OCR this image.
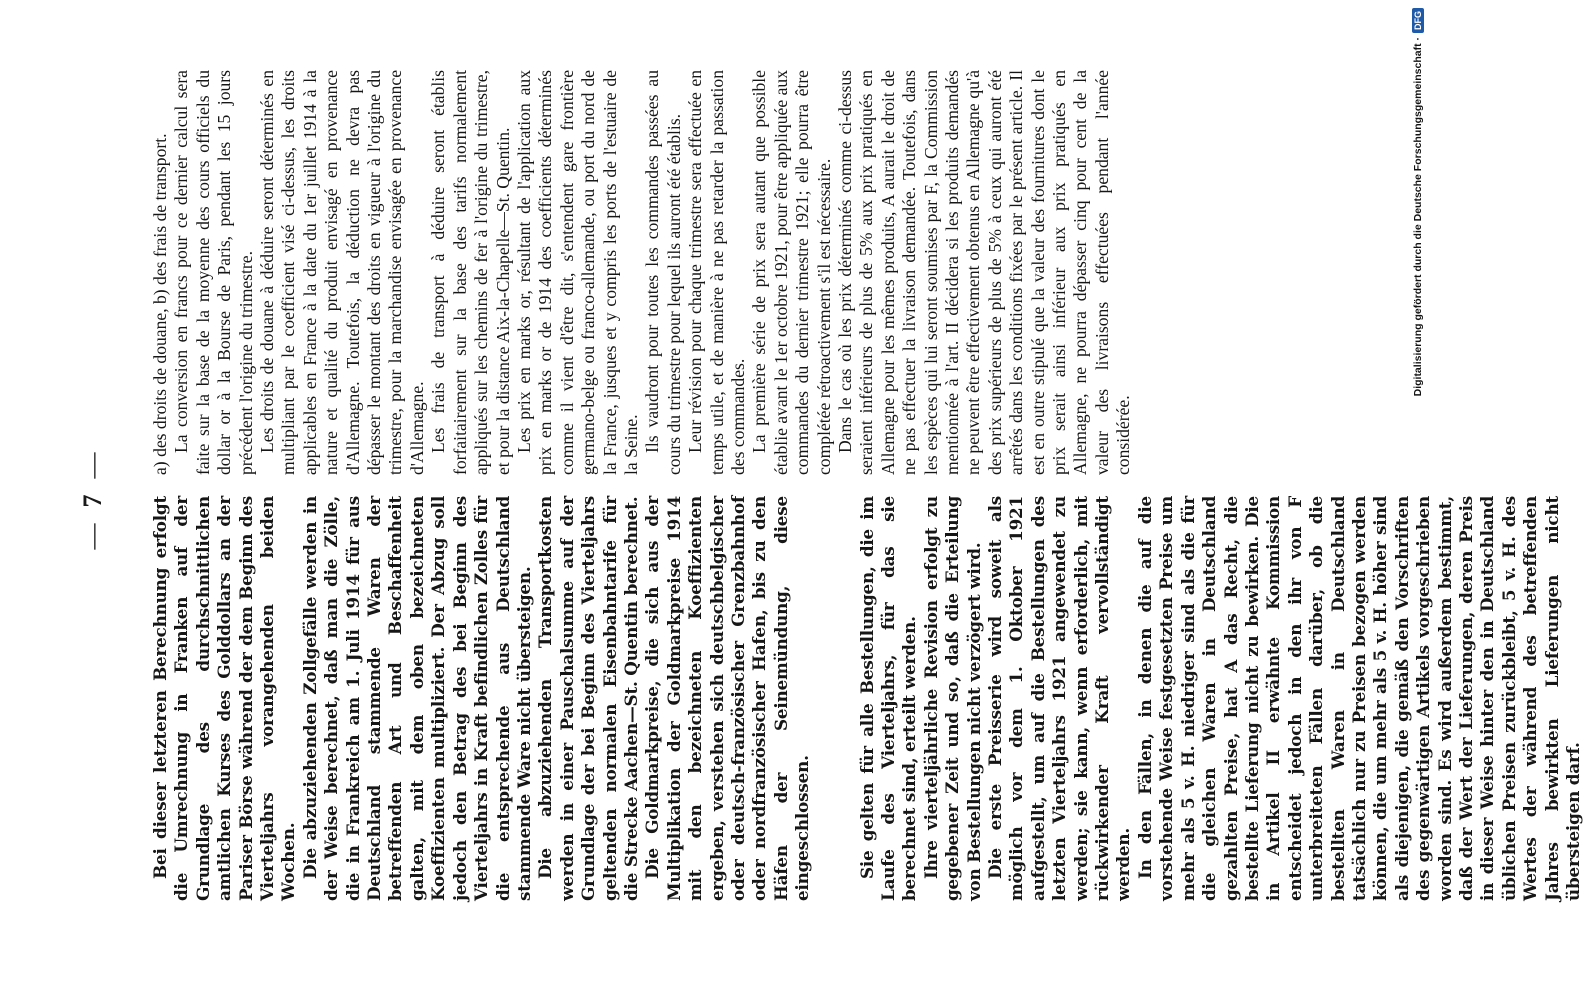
—7—

Bei dieser letzteren Berechnung erfolgt die Umrechnung in Franken auf der Grundlage des durchschnittlichen amtlichen Kurses des Golddollars an der Pariser Börse während der dem Beginn des Vierteljahrs vorangehenden beiden Wochen. Die abzuziehenden Zollgefälle werden in der Weise berechnet, daß man die Zölle, die in Frankreich am 1. Juli 1914 für aus Deutschland stammende Waren der betreffenden Art und Beschaffenheit galten, mit dem oben bezeichneten Koeffizienten multipliziert. Der Abzug soll jedoch den Betrag des bei Beginn des Vierteljahrs in Kraft befindlichen Zolles für die entsprechende aus Deutschland stammende Ware nicht übersteigen. Die abzuziehenden Transportkosten werden in einer Pauschalsumme auf der Grundlage der bei Beginn des Vierteljahrs geltenden normalen Eisenbahntarife für die Strecke Aachen—St. Quentin berechnet. Die Goldmarkpreise, die sich aus der Multiplikation der Goldmarkpreise 1914 mit den bezeichneten Koeffizienten ergeben, verstehen sich deutschbelgischer oder deutsch-französischer Grenzbahnhof oder nordfranzösischer Hafen, bis zu den Häfen der Seinemündung, diese eingeschlossen.	Sie gelten für alle Bestellungen, die im Laufe des Vierteljahrs, für das sie berechnet sind, erteilt werden. Ihre vierteljährliche Revision erfolgt zu gegebener Zeit und so, daß die Erteilung von Bestellungen nicht verzögert wird. Die erste Preisserie wird soweit als möglich vor dem 1. Oktober 1921 aufgestellt, um auf die Bestellungen des letzten Vierteljahrs 1921 angewendet zu werden; sie kann, wenn erforderlich, mit rückwirkender Kraft vervollständigt werden. In den Fällen, in denen die auf die vorstehende Weise festgesetzten Preise um mehr als 5 v. H. niedriger sind als die für die gleichen Waren in Deutschland gezahlten Preise, hat A das Recht, die bestellte Lieferung nicht zu bewirken. Die in Artikel II erwähnte Kommission entscheidet jedoch in den ihr von F unterbreiteten Fällen darüber, ob die bestellten Waren in Deutschland tatsächlich nur zu Preisen bezogen werden können, die um mehr als 5 v. H. höher sind als diejenigen, die gemäß den Vorschriften des gegenwärtigen Artikels vorgeschrieben worden sind. Es wird außerdem bestimmt, daß der Wert der Lieferungen, deren Preis in dieser Weise hinter den in Deutschland üblichen Preisen zurückbleibt, 5 v. H. des Wertes der während des betreffenden Jahres bewirkten Lieferungen nicht übersteigen darf.

a) des droits de douane, b) des frais de transport. La conversion en francs pour ce dernier calcul sera faite sur la base de la moyenne des cours officiels du dollar or à la Bourse de Paris, pendant les 15 jours précédent l'origine du trimestre. Les droits de douane à déduire seront déterminés en multipliant par le coefficient visé ci-dessus, les droits applicables en France à la date du 1er juillet 1914 à la nature et qualité du produit envisagé en provenance d'Allemagne. Toutefois, la déduction ne devra pas dépasser le montant des droits en vigueur à l'origine du trimestre, pour la marchandise envisagée en provenance d'Allemagne. Les frais de transport à déduire seront établis forfaitairement sur la base des tarifs normalement appliqués sur les chemins de fer à l'origine du trimestre, et pour la distance Aix-la-Chapelle—St. Quentin. Les prix en marks or, résultant de l'application aux prix en marks or de 1914 des coefficients déterminés comme il vient d'être dit, s'entendent gare frontière germano-belge ou franco-allemande, ou port du nord de la France, jusques et y compris les ports de l'estuaire de la Seine. Ils vaudront pour toutes les commandes passées au cours du trimestre pour lequel ils auront été établis. Leur révision pour chaque trimestre sera effectuée en temps utile, et de manière à ne pas retarder la passation des commandes. La première série de prix sera autant que possible établie avant le 1er octobre 1921, pour être appliquée aux commandes du dernier trimestre 1921; elle pourra être complétée rétroactivement s'il est nécessaire. Dans le cas où les prix déterminés comme ci-dessus seraient inférieurs de plus de 5% aux prix pratiqués en Allemagne pour les mêmes produits, A aurait le droit de ne pas effectuer la livraison demandée. Toutefois, dans les espèces qui lui seront soumises par F, la Commission mentionnée à l'art. II décidera si les produits demandés ne peuvent être effectivement obtenus en Allemagne qu'à des prix supérieurs de plus de 5% à ceux qui auront été arrêtés dans les conditions fixées par le présent article. Il est en outre stipulé que la valeur des fournitures dont le prix serait ainsi inférieur aux prix pratiqués en Allemagne, ne pourra dépasser cinq pour cent de la valeur des livraisons effectuées pendant l'année considérée.

Digitalisierung gefördert durch die Deutsche Forschungsgemeinschaft ·
DFG
